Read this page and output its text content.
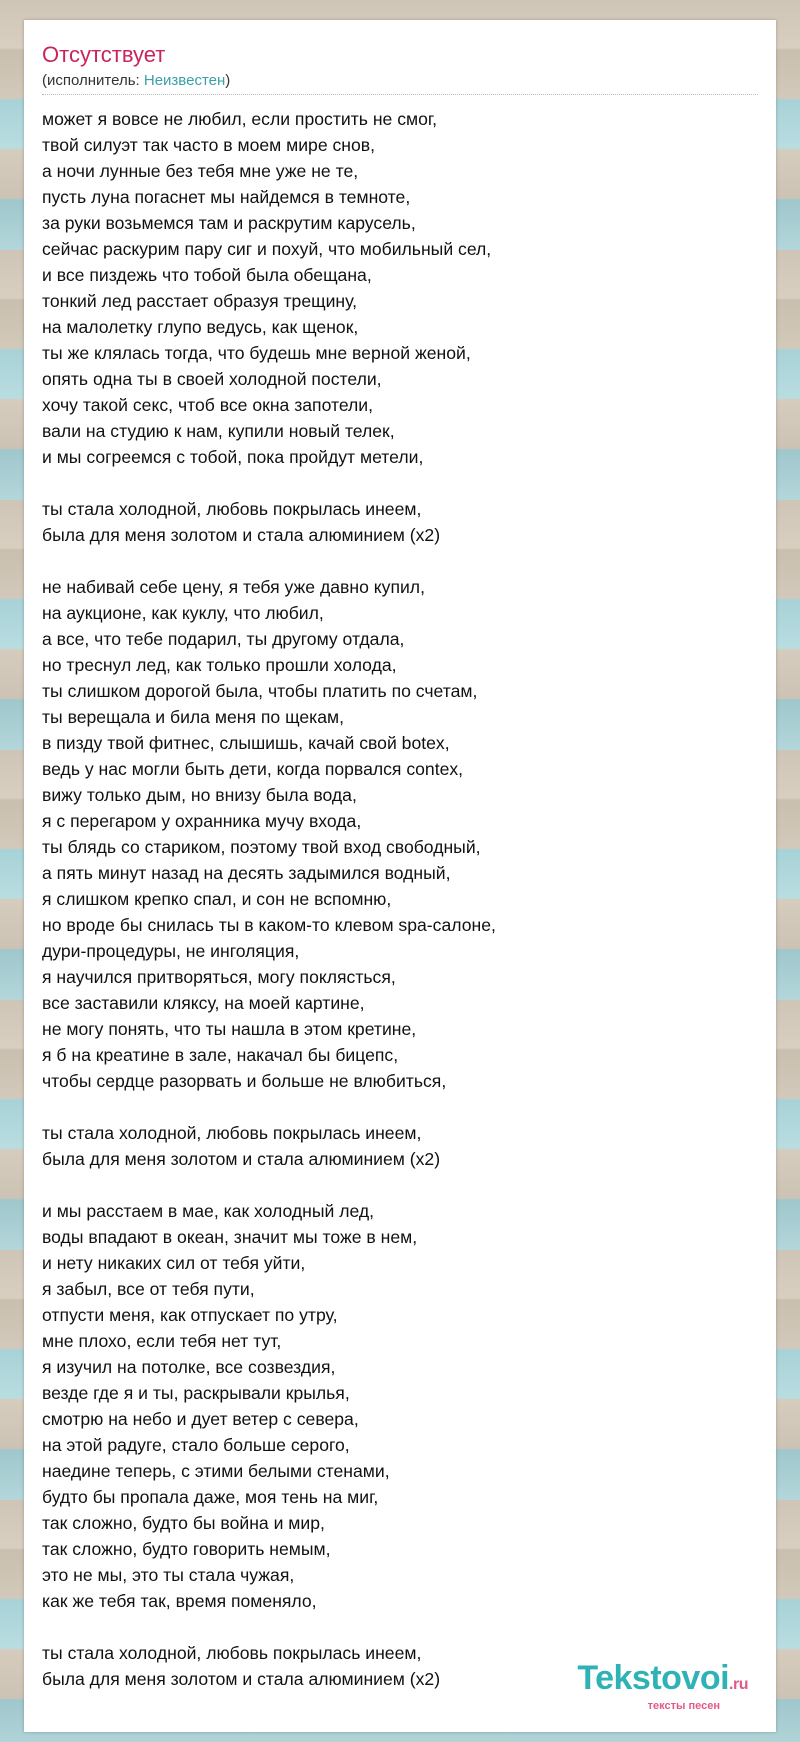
Отсутствует
(исполнитель: Неизвестен)
может я вовсе не любил, если простить не смог,
твой силуэт так часто в моем мире снов,
а ночи лунные без тебя мне уже не те,
пусть луна погаснет мы найдемся в темноте,
за руки возьмемся там и раскрутим карусель,
сейчас раскурим пару сиг и похуй, что мобильный сел,
и все пиздежь что тобой была обещана,
тонкий лед расстает образуя трещину,
на малолетку глупо ведусь, как щенок,
ты же клялась тогда, что будешь мне верной женой,
опять одна ты в своей холодной постели,
хочу такой секс, чтоб все окна запотели,
вали на студию к нам, купили новый телек,
и мы согреемся с тобой, пока пройдут метели,
ты стала холодной, любовь покрылась инеем,
была для меня золотом и стала алюминием (x2)
не набивай себе цену, я тебя уже давно купил,
на аукционе, как куклу, что любил,
а все, что тебе подарил, ты другому отдала,
но треснул лед, как только прошли холода,
ты слишком дорогой была, чтобы платить по счетам,
ты верещала и била меня по щекам,
в пизду твой фитнес, слышишь, качай свой botex,
ведь у нас могли быть дети, когда порвался contex,
вижу только дым, но внизу была вода,
я с перегаром у охранника мучу входа,
ты блядь со стариком, поэтому твой вход свободный,
а пять минут назад на десять задымился водный,
я слишком крепко спал, и сон не вспомню,
но вроде бы снилась ты в каком-то клевом spa-салоне,
дури-процедуры, не инголяция,
я научился притворяться, могу поклясться,
все заставили кляксу, на моей картине,
не могу понять, что ты нашла в этом кретине,
я б на креатине в зале, накачал бы бицепс,
чтобы сердце разорвать и больше не влюбиться,
ты стала холодной, любовь покрылась инеем,
была для меня золотом и стала алюминием (x2)
и мы расстаем в мае, как холодный лед,
воды впадают в океан, значит мы тоже в нем,
и нету никаких сил от тебя уйти,
я забыл, все от тебя пути,
отпусти меня, как отпускает по утру,
мне плохо, если тебя нет тут,
я изучил на потолке, все созвездия,
везде где я и ты, раскрывали крылья,
смотрю на небо и дует ветер с севера,
на этой радуге, стало больше серого,
наедине теперь, с этими белыми стенами,
будто бы пропала даже, моя тень на миг,
так сложно, будто бы война и мир,
так сложно, будто говорить немым,
это не мы, это ты стала чужая,
как же тебя так, время поменяло,
ты стала холодной, любовь покрылась инеем,
была для меня золотом и стала алюминием (x2)	Tekstovoi.ru
тексты песен
